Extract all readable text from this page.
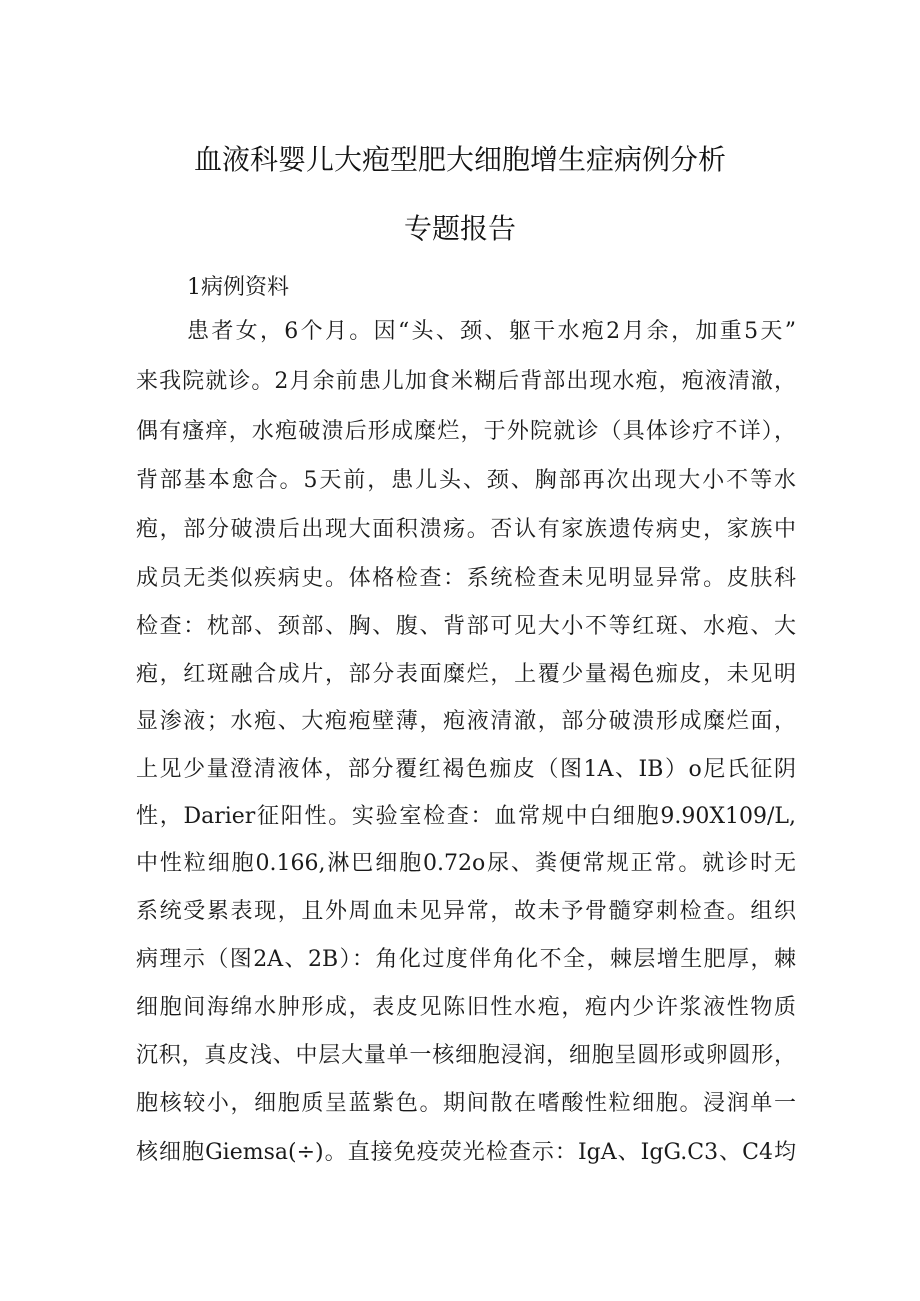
血液科婴儿大疱型肥大细胞增生症病例分析
专题报告
1病例资料
患者女，6个月。因“头、颈、躯干水疱2月余，加重5天”
来我院就诊。2月余前患儿加食米糊后背部出现水疱，疱液清澈，
偶有瘙痒，水疱破溃后形成糜烂，于外院就诊（具体诊疗不详），
背部基本愈合。5天前，患儿头、颈、胸部再次出现大小不等水
疱，部分破溃后出现大面积溃疡。否认有家族遗传病史，家族中
成员无类似疾病史。体格检查：系统检查未见明显异常。皮肤科
检查：枕部、颈部、胸、腹、背部可见大小不等红斑、水疱、大
疱，红斑融合成片，部分表面糜烂，上覆少量褐色痂皮，未见明
显渗液；水疱、大疱疱壁薄，疱液清澈，部分破溃形成糜烂面，
上见少量澄清液体，部分覆红褐色痂皮（图1A、IB）o尼氏征阴
性，Darier征阳性。实验室检查：血常规中白细胞9.90X109/L,
中性粒细胞0.166,淋巴细胞0.72o尿、粪便常规正常。就诊时无
系统受累表现，且外周血未见异常，故未予骨髓穿刺检查。组织
病理示（图2A、2B）：角化过度伴角化不全，棘层增生肥厚，棘
细胞间海绵水肿形成，表皮见陈旧性水疱，疱内少许浆液性物质
沉积，真皮浅、中层大量单一核细胞浸润，细胞呈圆形或卵圆形，
胞核较小，细胞质呈蓝紫色。期间散在嗜酸性粒细胞。浸润单一
核细胞Giemsa(÷)。直接免疫荧光检查示：IgA、IgG.C3、C4均
